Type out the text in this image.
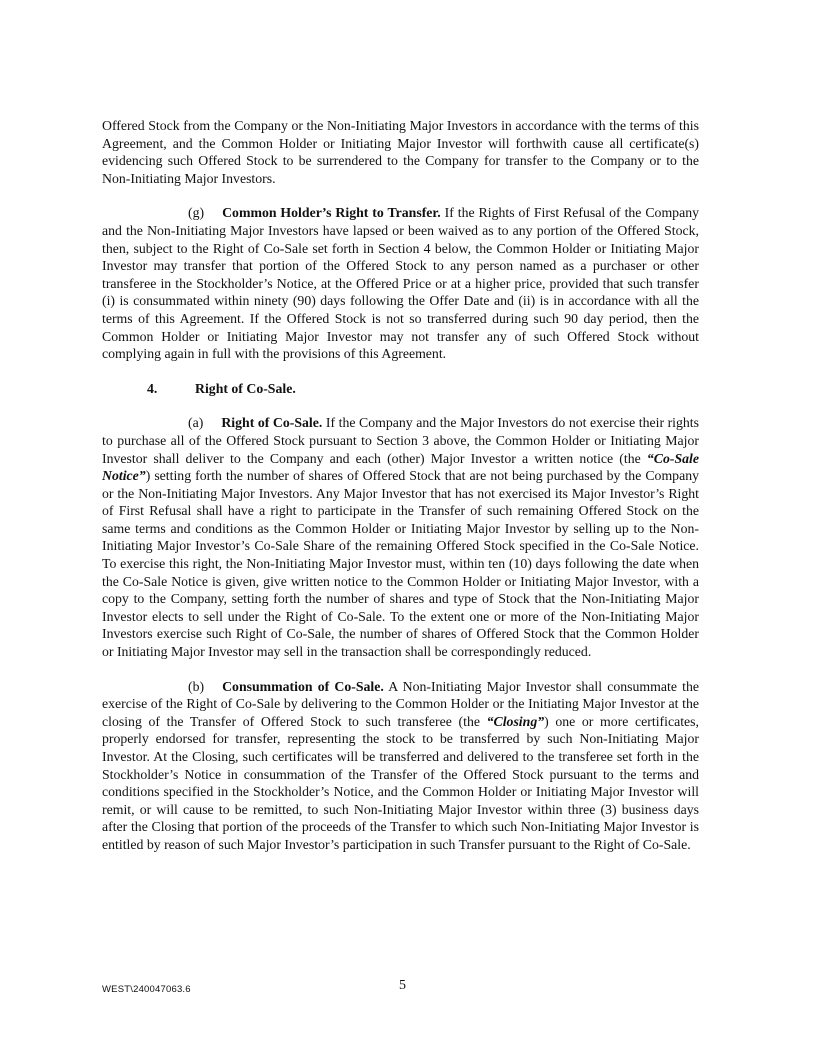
Offered Stock from the Company or the Non-Initiating Major Investors in accordance with the terms of this Agreement, and the Common Holder or Initiating Major Investor will forthwith cause all certificate(s) evidencing such Offered Stock to be surrendered to the Company for transfer to the Company or to the Non-Initiating Major Investors.

(g) Common Holder’s Right to Transfer. If the Rights of First Refusal of the Company and the Non-Initiating Major Investors have lapsed or been waived as to any portion of the Offered Stock, then, subject to the Right of Co-Sale set forth in Section 4 below, the Common Holder or Initiating Major Investor may transfer that portion of the Offered Stock to any person named as a purchaser or other transferee in the Stockholder’s Notice, at the Offered Price or at a higher price, provided that such transfer (i) is consummated within ninety (90) days following the Offer Date and (ii) is in accordance with all the terms of this Agreement. If the Offered Stock is not so transferred during such 90 day period, then the Common Holder or Initiating Major Investor may not transfer any of such Offered Stock without complying again in full with the provisions of this Agreement.

4.	Right of Co-Sale.

(a) Right of Co-Sale. If the Company and the Major Investors do not exercise their rights to purchase all of the Offered Stock pursuant to Section 3 above, the Common Holder or Initiating Major Investor shall deliver to the Company and each (other) Major Investor a written notice (the “Co-Sale Notice”) setting forth the number of shares of Offered Stock that are not being purchased by the Company or the Non-Initiating Major Investors. Any Major Investor that has not exercised its Major Investor’s Right of First Refusal shall have a right to participate in the Transfer of such remaining Offered Stock on the same terms and conditions as the Common Holder or Initiating Major Investor by selling up to the Non-Initiating Major Investor’s Co-Sale Share of the remaining Offered Stock specified in the Co-Sale Notice. To exercise this right, the Non-Initiating Major Investor must, within ten (10) days following the date when the Co-Sale Notice is given, give written notice to the Common Holder or Initiating Major Investor, with a copy to the Company, setting forth the number of shares and type of Stock that the Non-Initiating Major Investor elects to sell under the Right of Co-Sale. To the extent one or more of the Non-Initiating Major Investors exercise such Right of Co-Sale, the number of shares of Offered Stock that the Common Holder or Initiating Major Investor may sell in the transaction shall be correspondingly reduced.

(b) Consummation of Co-Sale. A Non-Initiating Major Investor shall consummate the exercise of the Right of Co-Sale by delivering to the Common Holder or the Initiating Major Investor at the closing of the Transfer of Offered Stock to such transferee (the “Closing”) one or more certificates, properly endorsed for transfer, representing the stock to be transferred by such Non-Initiating Major Investor. At the Closing, such certificates will be transferred and delivered to the transferee set forth in the Stockholder’s Notice in consummation of the Transfer of the Offered Stock pursuant to the terms and conditions specified in the Stockholder’s Notice, and the Common Holder or Initiating Major Investor will remit, or will cause to be remitted, to such Non-Initiating Major Investor within three (3) business days after the Closing that portion of the proceeds of the Transfer to which such Non-Initiating Major Investor is entitled by reason of such Major Investor’s participation in such Transfer pursuant to the Right of Co-Sale.

WEST\240047063.6	5
